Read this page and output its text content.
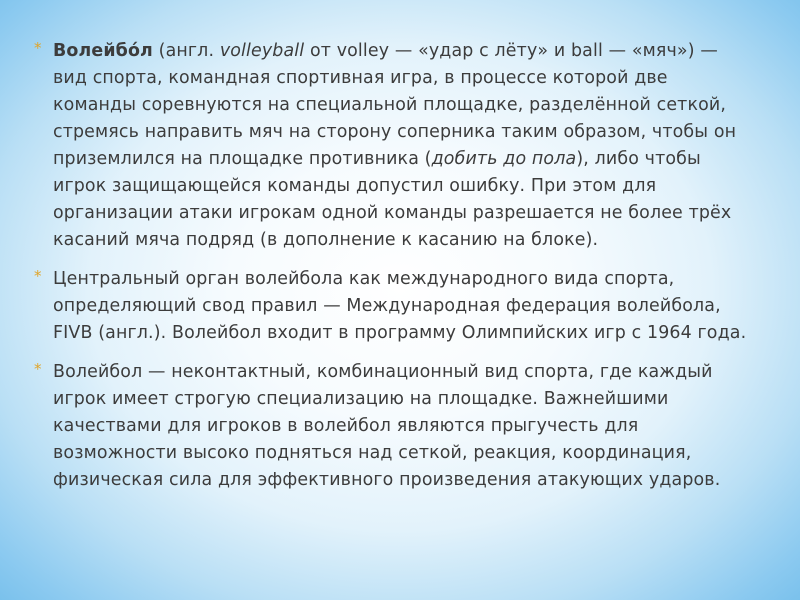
* Волейбо́л (англ. volleyball от volley — «удар с лёту» и ball — «мяч») — вид спорта, командная спортивная игра, в процессе которой две команды соревнуются на специальной площадке, разделённой сеткой, стремясь направить мяч на сторону соперника таким образом, чтобы он приземлился на площадке противника (добить до пола), либо чтобы игрок защищающейся команды допустил ошибку. При этом для организации атаки игрокам одной команды разрешается не более трёх касаний мяча подряд (в дополнение к касанию на блоке).

* Центральный орган волейбола как международного вида спорта, определяющий свод правил — Международная федерация волейбола, FIVB (англ.). Волейбол входит в программу Олимпийских игр с 1964 года.

* Волейбол — неконтактный, комбинационный вид спорта, где каждый игрок имеет строгую специализацию на площадке. Важнейшими качествами для игроков в волейбол являются прыгучесть для возможности высоко подняться над сеткой, реакция, координация, физическая сила для эффективного произведения атакующих ударов.
